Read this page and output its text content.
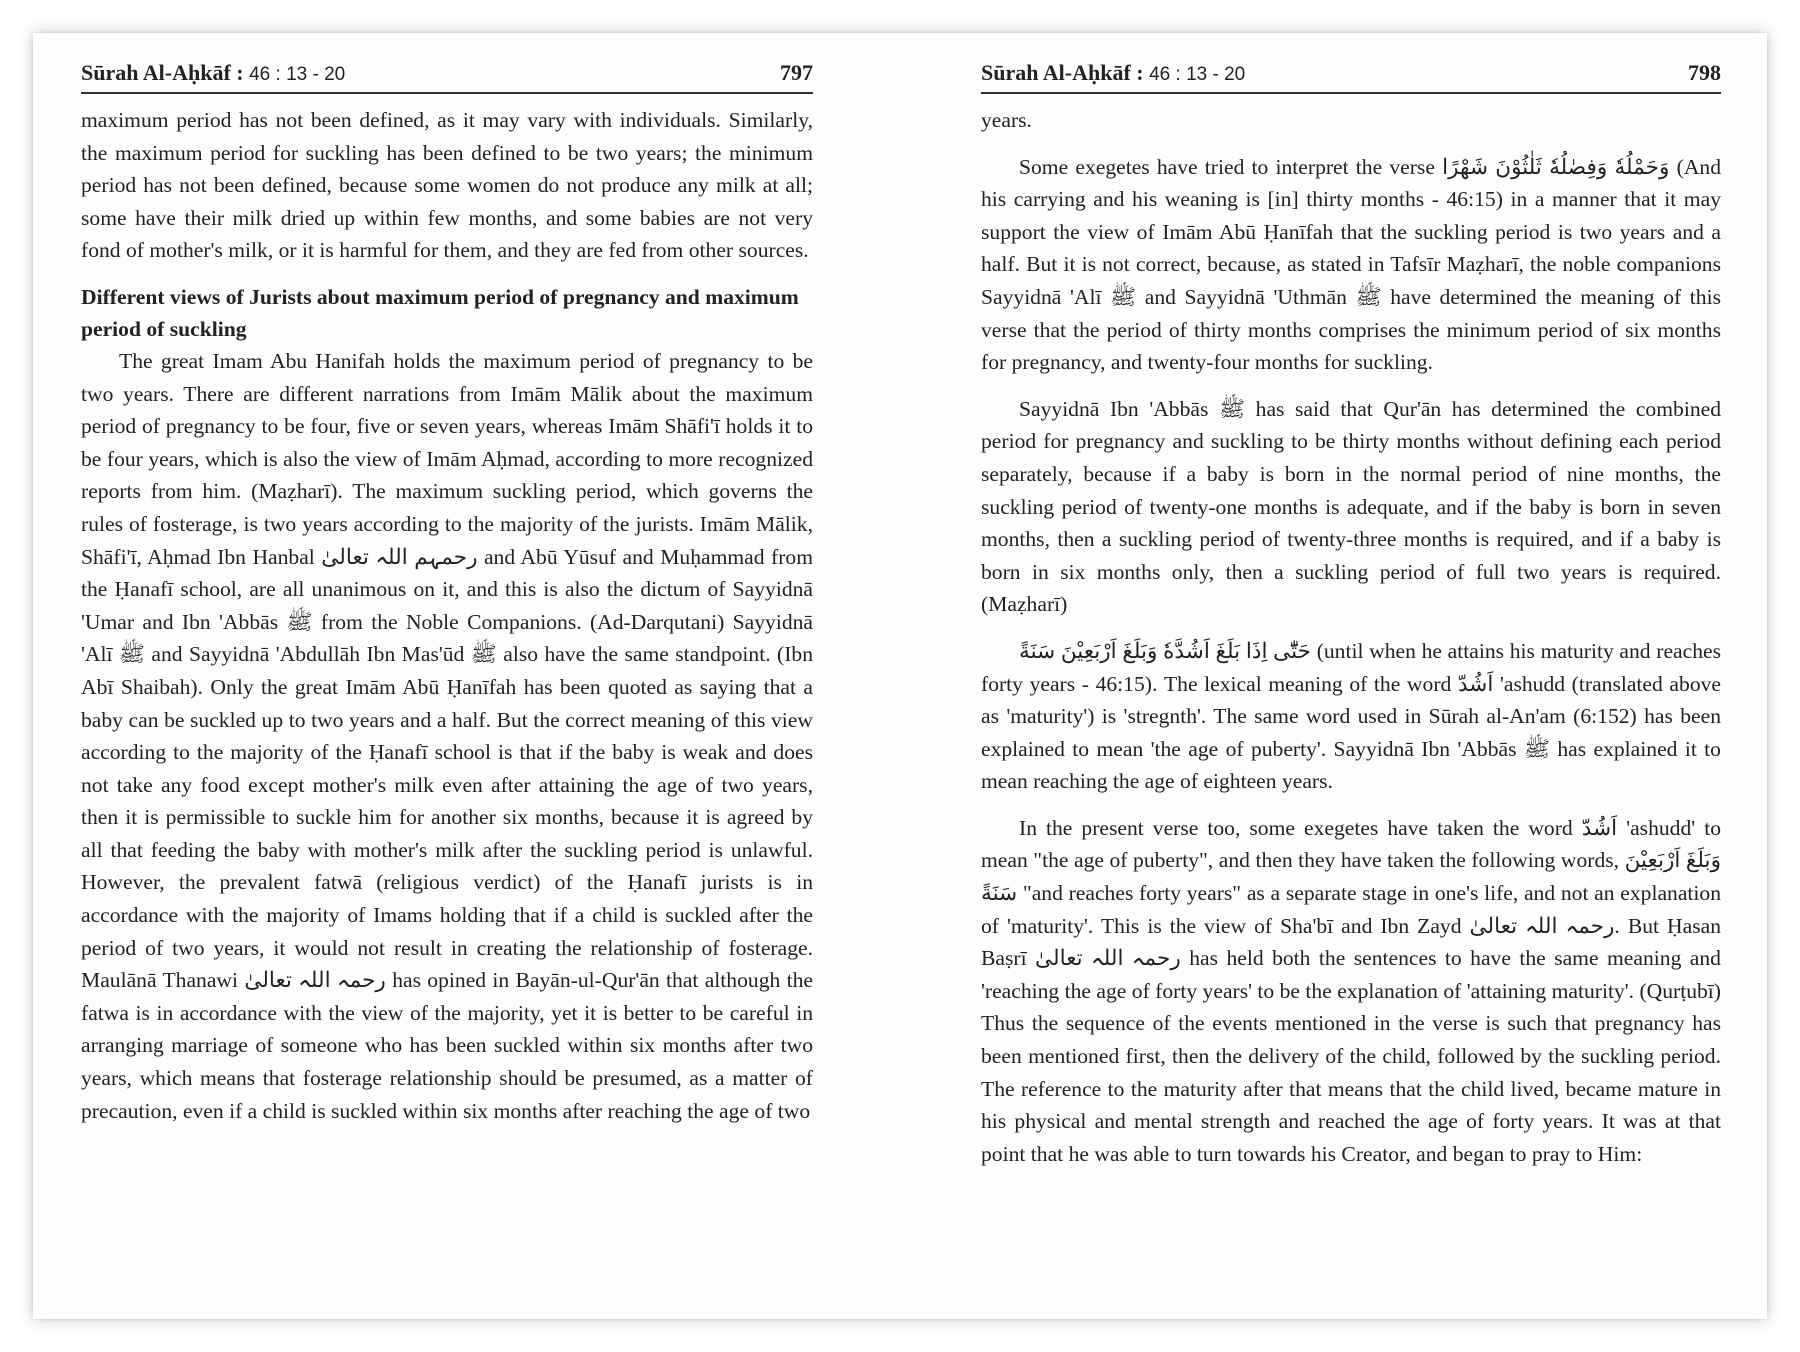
Sūrah Al-Aḥkāf : 46 : 13 - 20	797

maximum period has not been defined, as it may vary with individuals. Similarly, the maximum period for suckling has been defined to be two years; the minimum period has not been defined, because some women do not produce any milk at all; some have their milk dried up within few months, and some babies are not very fond of mother's milk, or it is harmful for them, and they are fed from other sources.

Different views of Jurists about maximum period of pregnancy and maximum period of suckling

The great Imam Abu Hanifah holds the maximum period of pregnancy to be two years. There are different narrations from Imām Mālik about the maximum period of pregnancy to be four, five or seven years, whereas Imām Shāfi'ī holds it to be four years, which is also the view of Imām Aḥmad, according to more recognized reports from him. (Maẓharī). The maximum suckling period, which governs the rules of fosterage, is two years according to the majority of the jurists. Imām Mālik, Shāfi'ī, Aḥmad Ibn Hanbal رحمہم اللہ تعالیٰ and Abū Yūsuf and Muḥammad from the Ḥanafī school, are all unanimous on it, and this is also the dictum of Sayyidnā 'Umar and Ibn 'Abbās ﷺ from the Noble Companions. (Ad-Darqutani) Sayyidnā 'Alī ﷺ and Sayyidnā 'Abdullāh Ibn Mas'ūd ﷺ also have the same standpoint. (Ibn Abī Shaibah). Only the great Imām Abū Ḥanīfah has been quoted as saying that a baby can be suckled up to two years and a half. But the correct meaning of this view according to the majority of the Ḥanafī school is that if the baby is weak and does not take any food except mother's milk even after attaining the age of two years, then it is permissible to suckle him for another six months, because it is agreed by all that feeding the baby with mother's milk after the suckling period is unlawful. However, the prevalent fatwā (religious verdict) of the Ḥanafī jurists is in accordance with the majority of Imams holding that if a child is suckled after the period of two years, it would not result in creating the relationship of fosterage. Maulānā Thanawi رحمہ اللہ تعالیٰ has opined in Bayān-ul-Qur'ān that although the fatwa is in accordance with the view of the majority, yet it is better to be careful in arranging marriage of someone who has been suckled within six months after two years, which means that fosterage relationship should be presumed, as a matter of precaution, even if a child is suckled within six months after reaching the age of two

Sūrah Al-Aḥkāf : 46 : 13 - 20	798

years.

Some exegetes have tried to interpret the verse وَحَمْلُهٗ وَفِصٰلُهٗ ثَلٰثُوْنَ شَهْرًا (And his carrying and his weaning is [in] thirty months - 46:15) in a manner that it may support the view of Imām Abū Ḥanīfah that the suckling period is two years and a half. But it is not correct, because, as stated in Tafsīr Maẓharī, the noble companions Sayyidnā 'Alī ﷺ and Sayyidnā 'Uthmān ﷺ have determined the meaning of this verse that the period of thirty months comprises the minimum period of six months for pregnancy, and twenty-four months for suckling.

Sayyidnā Ibn 'Abbās ﷺ has said that Qur'ān has determined the combined period for pregnancy and suckling to be thirty months without defining each period separately, because if a baby is born in the normal period of nine months, the suckling period of twenty-one months is adequate, and if the baby is born in seven months, then a suckling period of twenty-three months is required, and if a baby is born in six months only, then a suckling period of full two years is required. (Maẓharī)

حَتّٰٓى اِذَا بَلَغَ اَشُدَّهٗ وَبَلَغَ اَرْبَعِيْنَ سَنَةً (until when he attains his maturity and reaches forty years - 46:15). The lexical meaning of the word اَشُدّ 'ashudd (translated above as 'maturity') is 'stregnth'. The same word used in Sūrah al-An'am (6:152) has been explained to mean 'the age of puberty'. Sayyidnā Ibn 'Abbās ﷺ has explained it to mean reaching the age of eighteen years.

In the present verse too, some exegetes have taken the word اَشُدّ 'ashudd' to mean "the age of puberty", and then they have taken the following words, وَبَلَغَ اَرْبَعِيْنَ سَنَةً "and reaches forty years" as a separate stage in one's life, and not an explanation of 'maturity'. This is the view of Sha'bī and Ibn Zayd رحمہ اللہ تعالیٰ. But Ḥasan Baṣrī رحمہ اللہ تعالیٰ has held both the sentences to have the same meaning and 'reaching the age of forty years' to be the explanation of 'attaining maturity'. (Qurṭubī) Thus the sequence of the events mentioned in the verse is such that pregnancy has been mentioned first, then the delivery of the child, followed by the suckling period. The reference to the maturity after that means that the child lived, became mature in his physical and mental strength and reached the age of forty years. It was at that point that he was able to turn towards his Creator, and began to pray to Him:
